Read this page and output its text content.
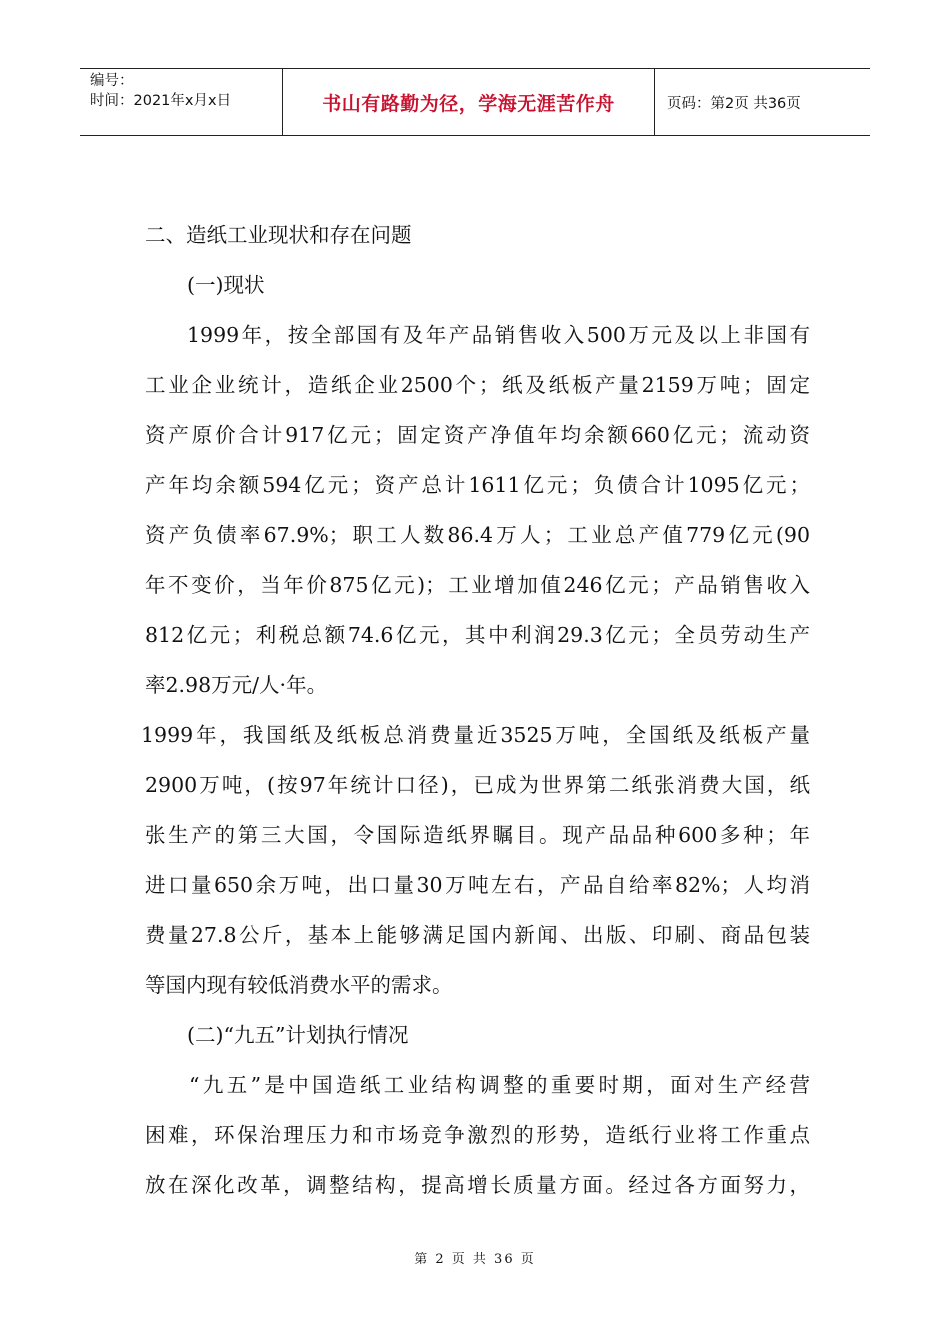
编号：
时间：2021年x月x日	书山有路勤为径，学海无涯苦作舟	页码：第2页 共36页
二、造纸工业现状和存在问题
(一)现状
1999年，按全部国有及年产品销售收入500万元及以上非国有
工业企业统计，造纸企业2500个；纸及纸板产量2159万吨；固定
资产原价合计917亿元；固定资产净值年均余额660亿元；流动资
产年均余额594亿元；资产总计1611亿元；负债合计1095亿元；
资产负债率67.9%；职工人数86.4万人；工业总产值779亿元(90
年不变价，当年价875亿元)；工业增加值246亿元；产品销售收入
812亿元；利税总额74.6亿元，其中利润29.3亿元；全员劳动生产
率2.98万元/人·年。
1999年，我国纸及纸板总消费量近3525万吨，全国纸及纸板产量
2900万吨，(按97年统计口径)，已成为世界第二纸张消费大国，纸
张生产的第三大国，令国际造纸界瞩目。现产品品种600多种；年
进口量650余万吨，出口量30万吨左右，产品自给率82%；人均消
费量27.8公斤，基本上能够满足国内新闻、出版、印刷、商品包装
等国内现有较低消费水平的需求。
(二)“九五”计划执行情况
“九五”是中国造纸工业结构调整的重要时期，面对生产经营
困难，环保治理压力和市场竞争激烈的形势，造纸行业将工作重点
放在深化改革，调整结构，提高增长质量方面。经过各方面努力，
第 2 页 共 36 页
